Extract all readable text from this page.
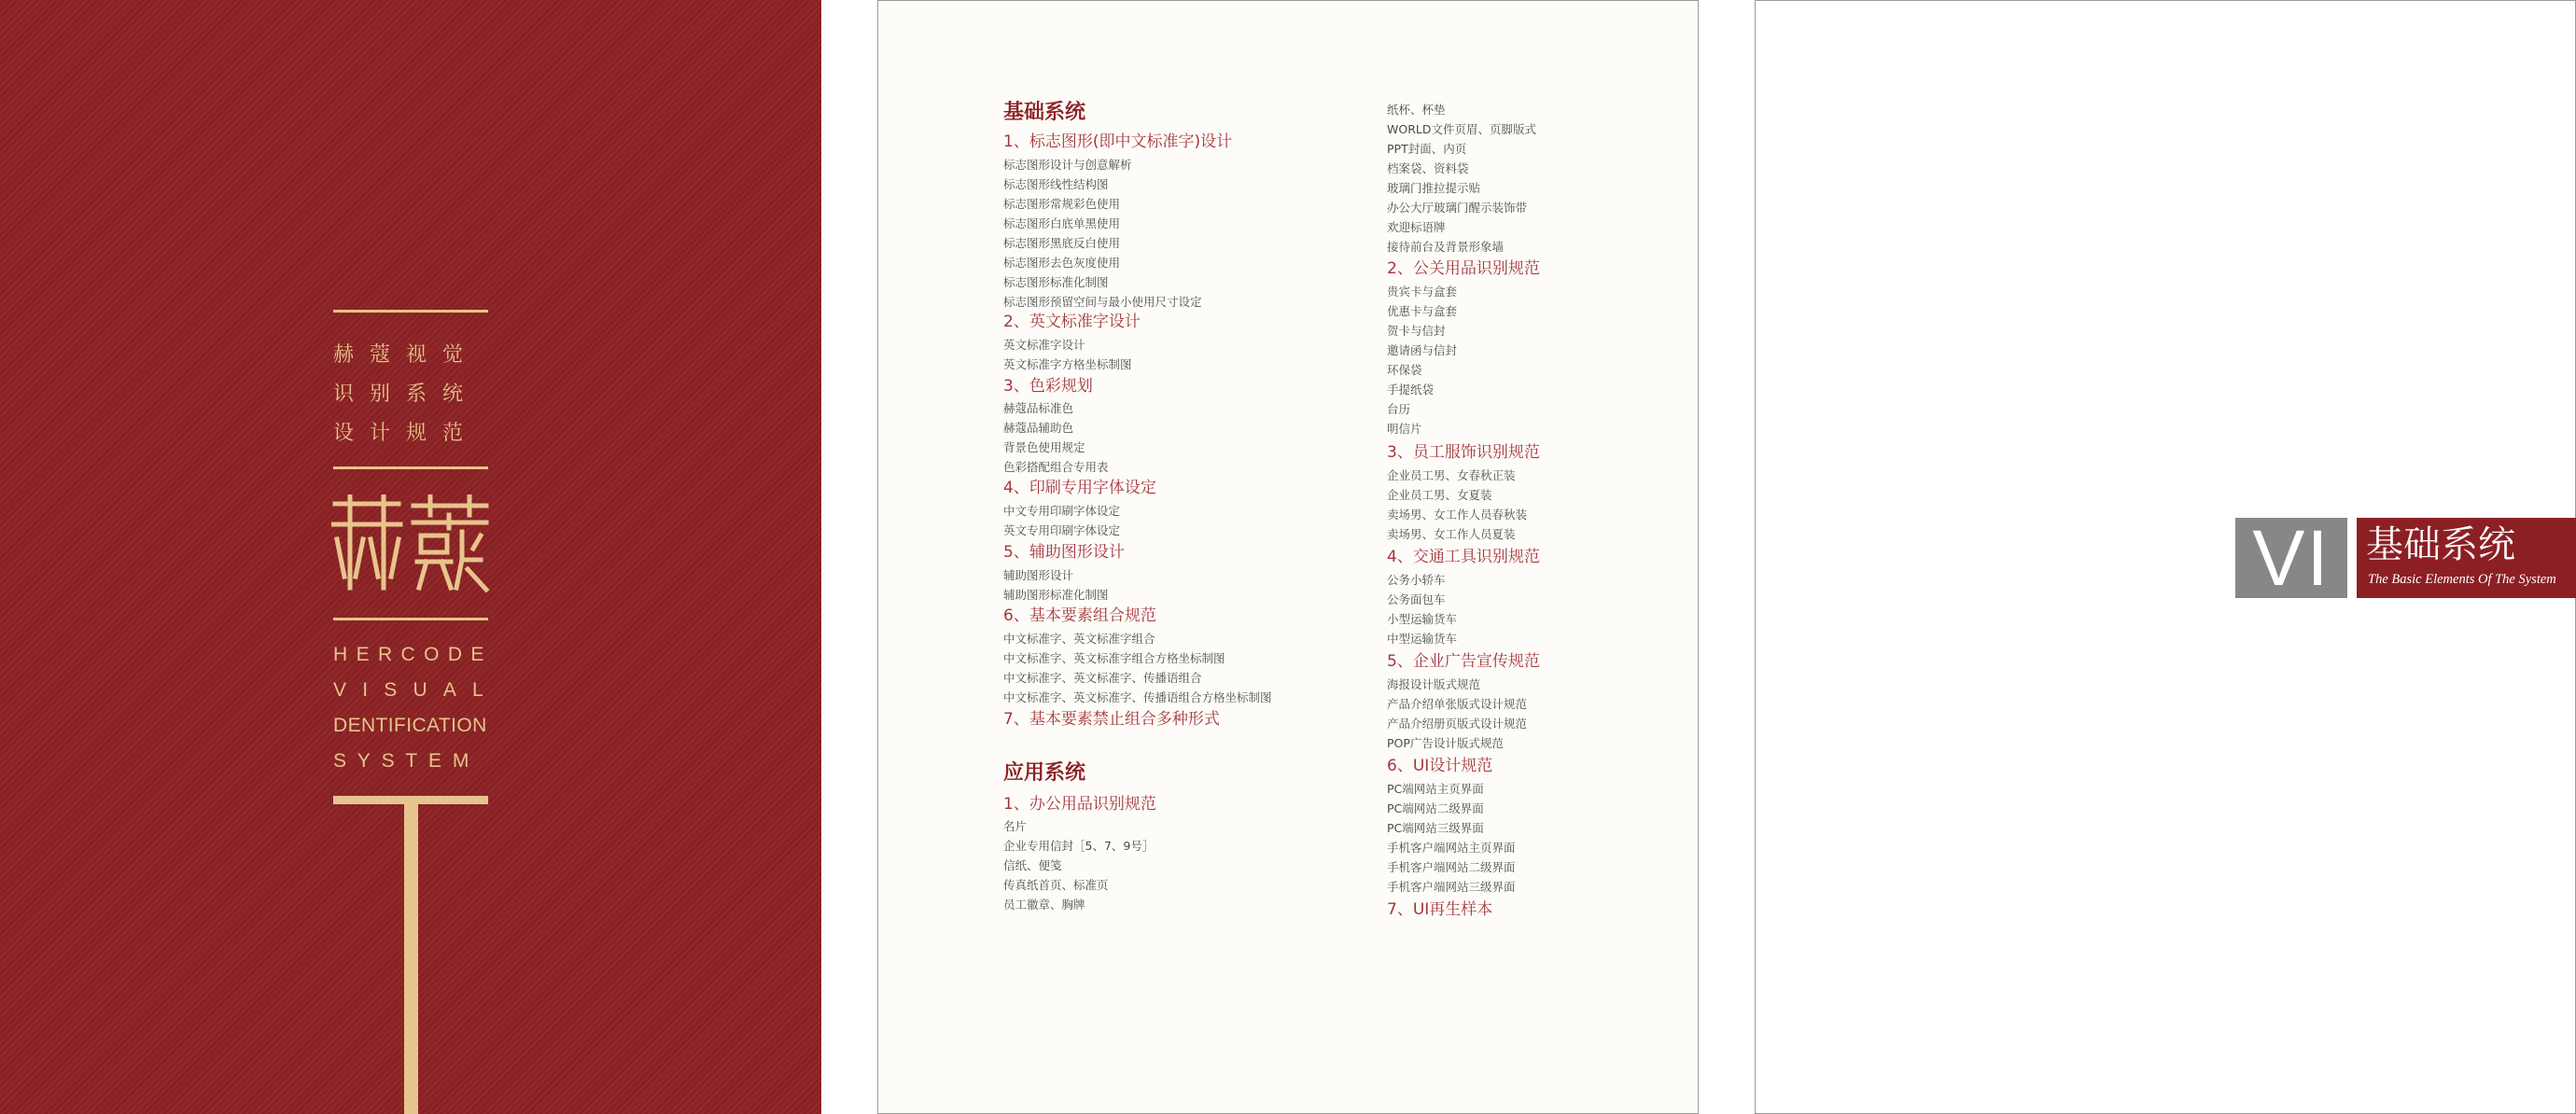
赫蔻视觉
识别系统
设计规范
HERCODE
VISUAL
DENTIFICATION
SYSTEM
基础系统
1、标志图形(即中文标准字)设计
标志图形设计与创意解析
标志图形线性结构图
标志图形常规彩色使用
标志图形白底单黑使用
标志图形黑底反白使用
标志图形去色灰度使用
标志图形标准化制图
标志图形预留空间与最小使用尺寸设定
2、英文标准字设计
英文标准字设计
英文标准字方格坐标制图
3、色彩规划
赫蔻品标准色
赫蔻品辅助色
背景色使用规定
色彩搭配组合专用表
4、印刷专用字体设定
中文专用印刷字体设定
英文专用印刷字体设定
5、辅助图形设计
辅助图形设计
辅助图形标准化制图
6、基本要素组合规范
中文标准字、英文标准字组合
中文标准字、英文标准字组合方格坐标制图
中文标准字、英文标准字、传播语组合
中文标准字、英文标准字、传播语组合方格坐标制图
7、基本要素禁止组合多种形式
应用系统
1、办公用品识别规范
名片
企业专用信封［5、7、9号］
信纸、便笺
传真纸首页、标准页
员工徽章、胸牌
纸杯、杯垫
WORLD文件页眉、页脚版式
PPT封面、内页
档案袋、资料袋
玻璃门推拉提示贴
办公大厅玻璃门醒示装饰带
欢迎标语牌
接待前台及背景形象墙
2、公关用品识别规范
贵宾卡与盒套
优惠卡与盒套
贺卡与信封
邀请函与信封
环保袋
手提纸袋
台历
明信片
3、员工服饰识别规范
企业员工男、女春秋正装
企业员工男、女夏装
卖场男、女工作人员春秋装
卖场男、女工作人员夏装
4、交通工具识别规范
公务小轿车
公务面包车
小型运输货车
中型运输货车
5、企业广告宣传规范
海报设计版式规范
产品介绍单张版式设计规范
产品介绍册页版式设计规范
POP广告设计版式规范
6、UI设计规范
PC端网站主页界面
PC端网站二级界面
PC端网站三级界面
手机客户端网站主页界面
手机客户端网站二级界面
手机客户端网站三级界面
7、UI再生样本
VI 基础系统
The Basic Elements Of The System
